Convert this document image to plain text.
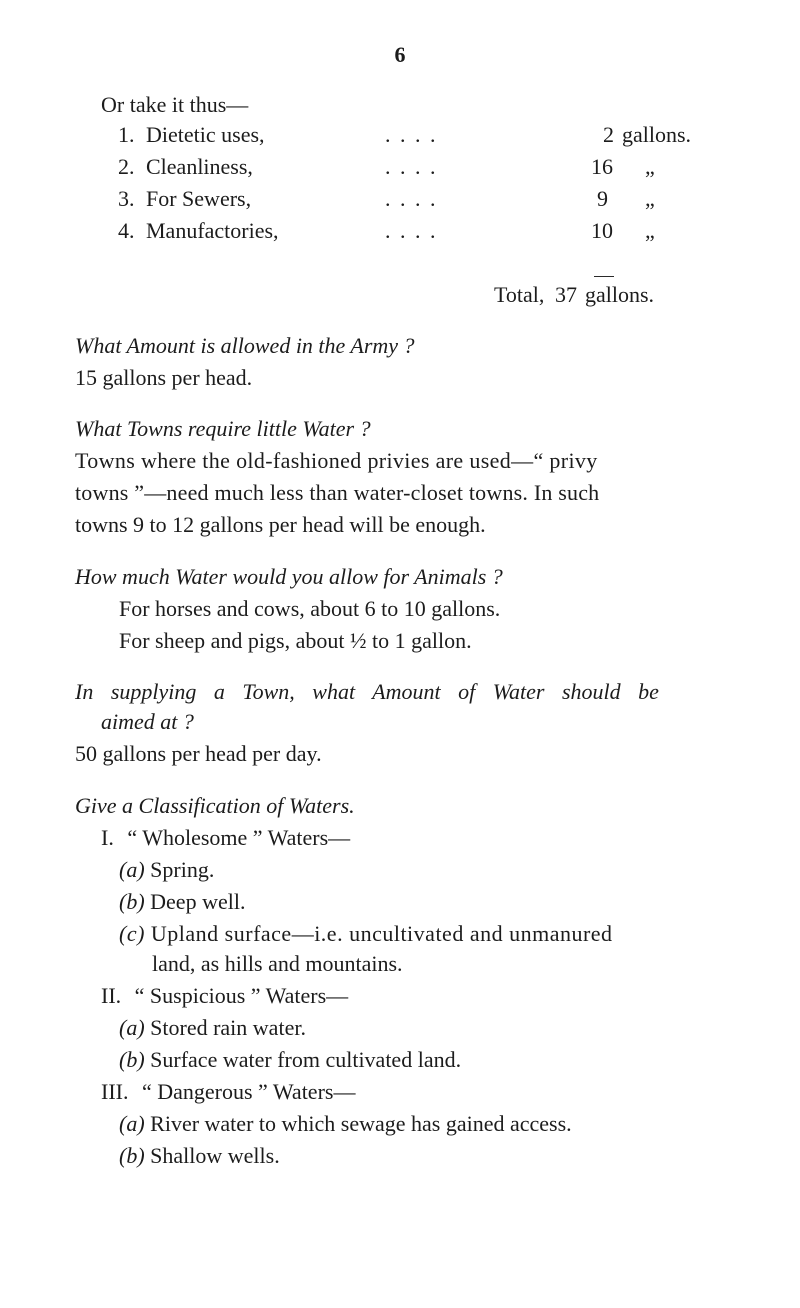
6
Or take it thus—
1. Dietetic uses,	. . . .	2 gallons.
2. Cleanliness,	. . . .	16 „
3. For Sewers,	. . . .	9 „
4. Manufactories,	. . . .	10 „
Total, 37 gallons.
What Amount is allowed in the Army ?
15 gallons per head.
What Towns require little Water ?
Towns where the old-fashioned privies are used—“ privy
towns ”—need much less than water-closet towns. In such
towns 9 to 12 gallons per head will be enough.
How much Water would you allow for Animals ?
For horses and cows, about 6 to 10 gallons.
For sheep and pigs, about ½ to 1 gallon.
In supplying a Town, what Amount of Water should be
aimed at ?
50 gallons per head per day.
Give a Classification of Waters.
I. “ Wholesome ” Waters—
(a) Spring.
(b) Deep well.
(c) Upland surface—i.e. uncultivated and unmanured
land, as hills and mountains.
II. “ Suspicious ” Waters—
(a) Stored rain water.
(b) Surface water from cultivated land.
III. “ Dangerous ” Waters—
(a) River water to which sewage has gained access.
(b) Shallow wells.
